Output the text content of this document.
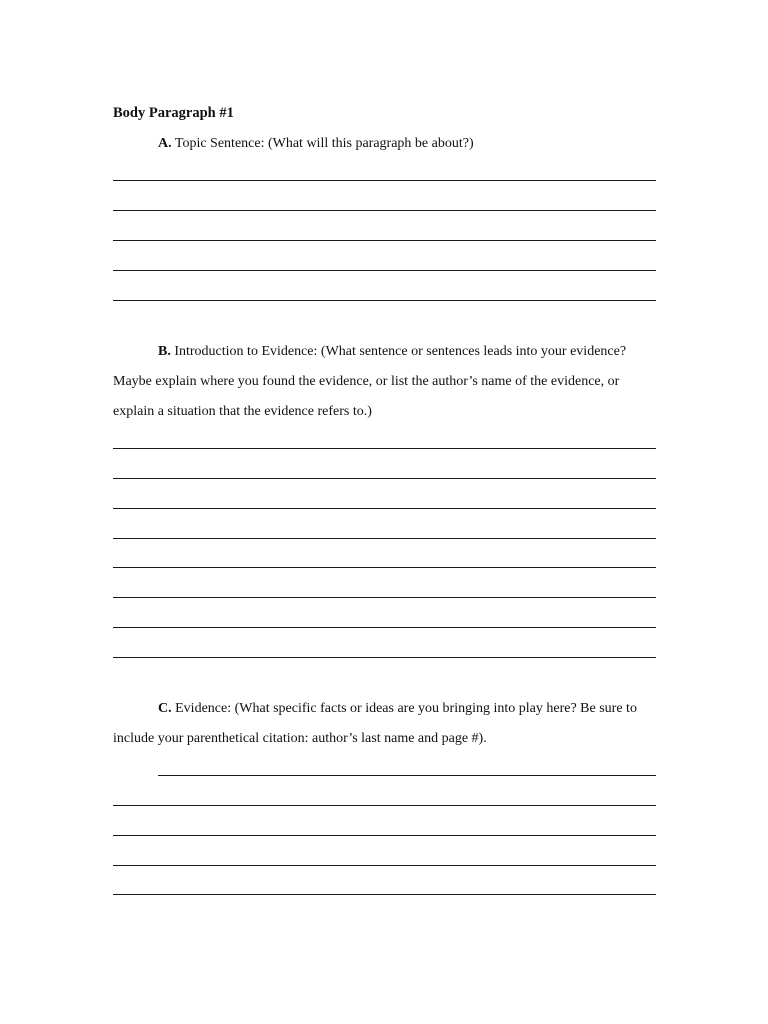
Body Paragraph #1
A. Topic Sentence: (What will this paragraph be about?)
B. Introduction to Evidence: (What sentence or sentences leads into your evidence? Maybe explain where you found the evidence, or list the author’s name of the evidence, or explain a situation that the evidence refers to.)
C. Evidence: (What specific facts or ideas are you bringing into play here? Be sure to include your parenthetical citation: author’s last name and page #).
